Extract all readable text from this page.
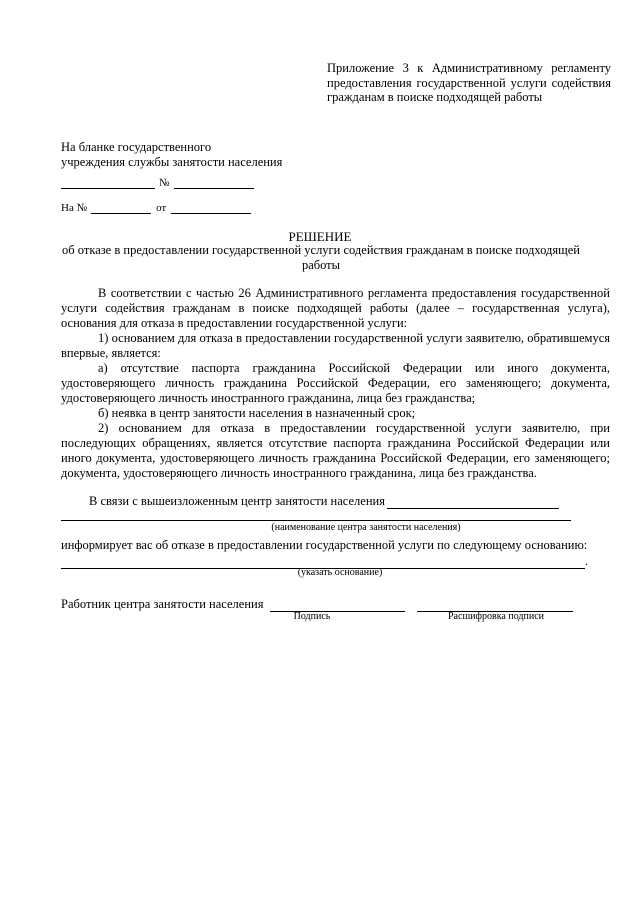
Приложение 3 к Административному регламенту предоставления государственной услуги содействия гражданам в поиске подходящей работы
На бланке государственного
учреждения службы занятости населения
№
На №	от
РЕШЕНИЕ
об отказе в предоставлении государственной услуги содействия гражданам в поиске подходящей работы

В соответствии с частью 26 Административного регламента предоставления государственной услуги содействия гражданам в поиске подходящей работы (далее – государственная услуга), основания для отказа в предоставлении государственной услуги:

1) основанием для отказа в предоставлении государственной услуги заявителю, обратившемуся впервые, является:

а) отсутствие паспорта гражданина Российской Федерации или иного документа, удостоверяющего личность гражданина Российской Федерации, его заменяющего; документа, удостоверяющего личность иностранного гражданина, лица без гражданства;

б) неявка в центр занятости населения в назначенный срок;

2) основанием для отказа в предоставлении государственной услуги заявителю, при последующих обращениях, является отсутствие паспорта гражданина Российской Федерации или иного документа, удостоверяющего личность гражданина Российской Федерации, его заменяющего; документа, удостоверяющего личность иностранного гражданина, лица без гражданства.

В связи с вышеизложенным центр занятости населения
(наименование центра занятости населения)
информирует вас об отказе в предоставлении государственной услуги по следующему основанию:
.
(указать основание)
Работник центра занятости населения
Подпись	Расшифровка подписи
